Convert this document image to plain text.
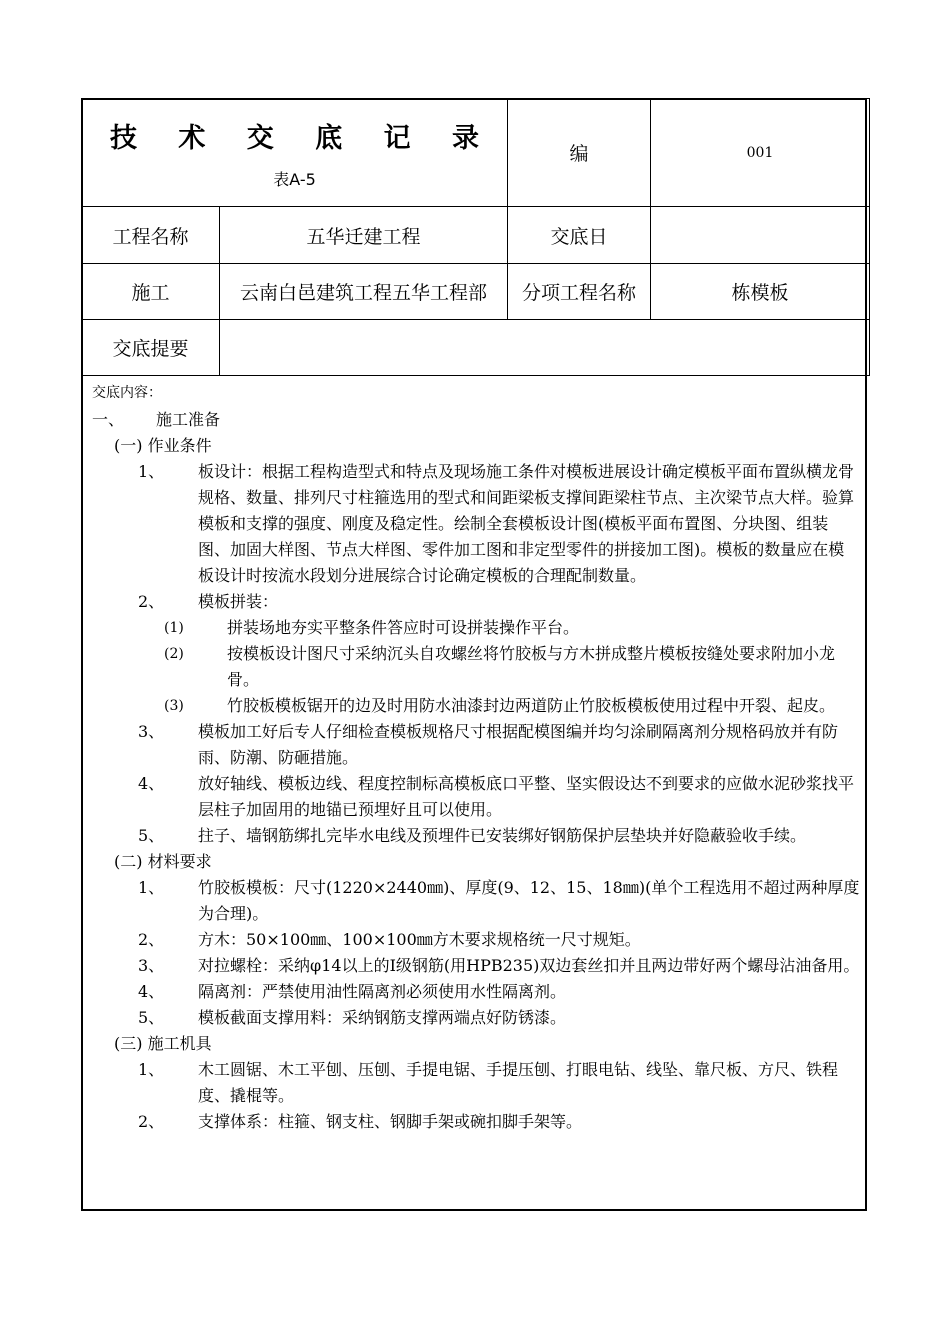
技 术 交 底 记 录
表A-5		编	001
工程名称	五华迁建工程	交底日	
施工	云南白邑建筑工程五华工程部	分项工程名称	栋模板
交底提要			
交底内容：
一、 施工准备
(一) 作业条件
1、 板设计：根据工程构造型式和特点及现场施工条件对模板进展设计确定模板平面布置纵横龙骨规格、数量、排列尺寸柱箍选用的型式和间距梁板支撑间距梁柱节点、主次梁节点大样。验算模板和支撑的强度、刚度及稳定性。绘制全套模板设计图(模板平面布置图、分块图、组装图、加固大样图、节点大样图、零件加工图和非定型零件的拼接加工图)。模板的数量应在模板设计时按流水段划分进展综合讨论确定模板的合理配制数量。
2、 模板拼装：
(1)	拼装场地夯实平整条件答应时可设拼装操作平台。
(2)	按模板设计图尺寸采纳沉头自攻螺丝将竹胶板与方木拼成整片模板按缝处要求附加小龙骨。
(3)	竹胶板模板锯开的边及时用防水油漆封边两道防止竹胶板模板使用过程中开裂、起皮。
3、 模板加工好后专人仔细检查模板规格尺寸根据配模图编并均匀涂刷隔离剂分规格码放并有防雨、防潮、防砸措施。
4、 放好轴线、模板边线、程度控制标高模板底口平整、坚实假设达不到要求的应做水泥砂浆找平层柱子加固用的地锚已预埋好且可以使用。
5、 拄子、墙钢筋绑扎完毕水电线及预埋件已安装绑好钢筋保护层垫块并好隐蔽验收手续。
(二) 材料要求
1、 竹胶板模板：尺寸(1220×2440㎜)、厚度(9、12、15、18㎜)(单个工程选用不超过两种厚度为合理)。
2、 方木：50×100㎜、100×100㎜方木要求规格统一尺寸规矩。
3、 对拉螺栓：采纳φ14以上的Ⅰ级钢筋(用HPB235)双边套丝扣并且两边带好两个螺母沾油备用。
4、 隔离剂：严禁使用油性隔离剂必须使用水性隔离剂。
5、 模板截面支撑用料：采纳钢筋支撑两端点好防锈漆。
(三) 施工机具
1、 木工圆锯、木工平刨、压刨、手提电锯、手提压刨、打眼电钻、线坠、靠尺板、方尺、铁程度、撬棍等。
2、 支撑体系：柱箍、钢支柱、钢脚手架或碗扣脚手架等。
